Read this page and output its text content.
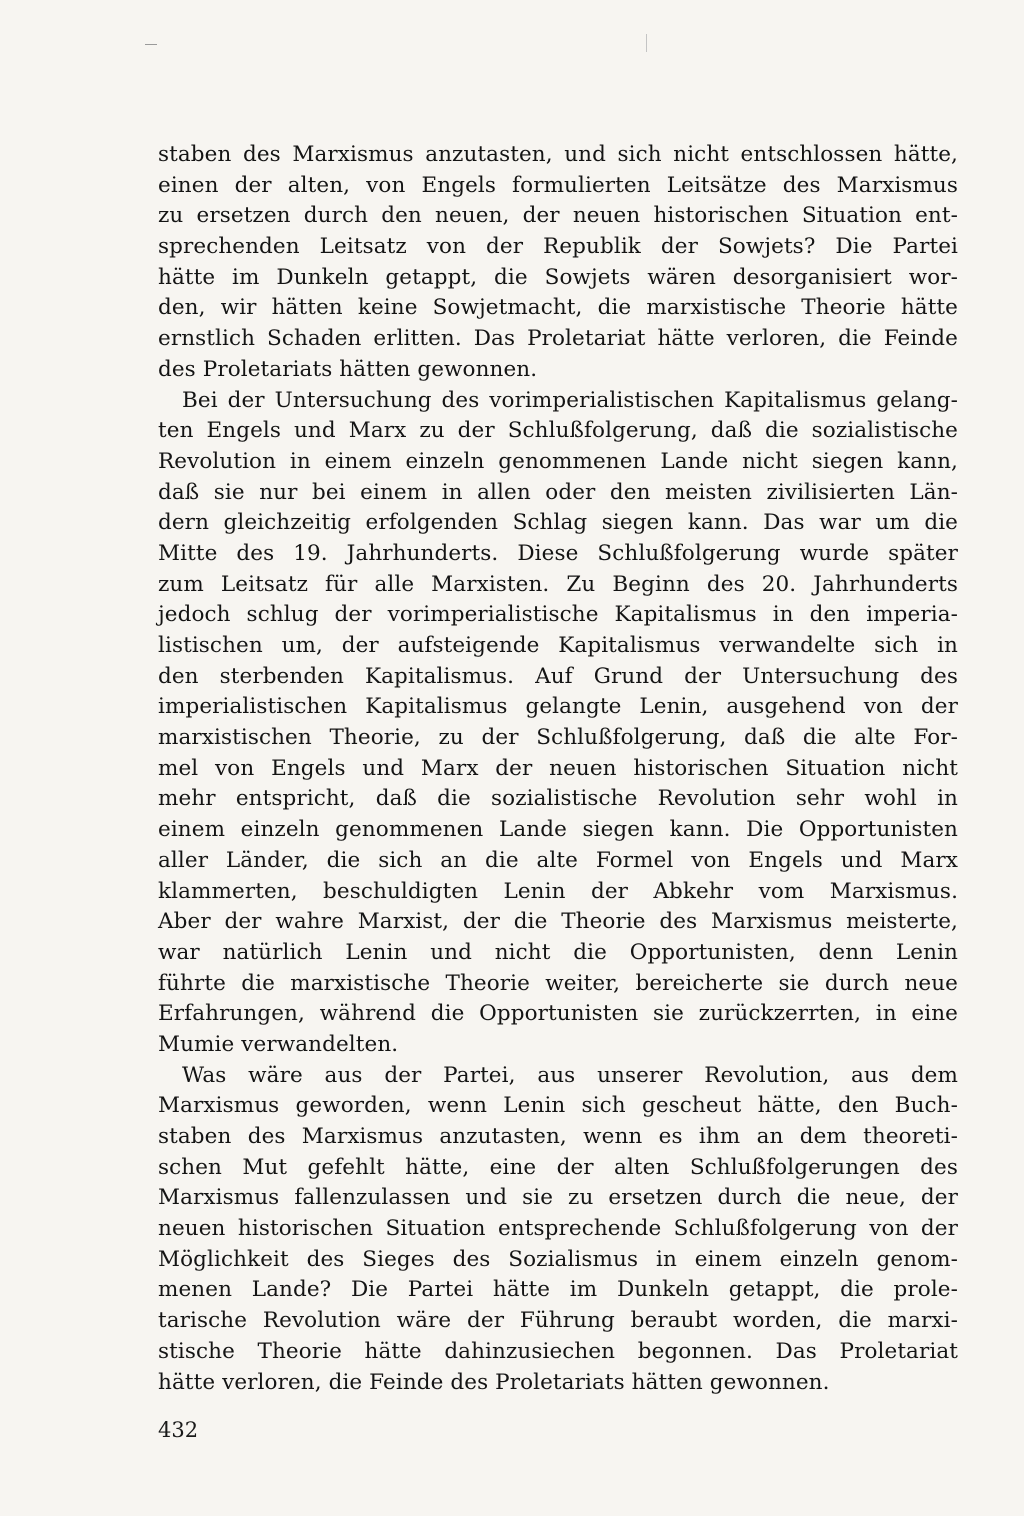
staben des Marxismus anzutasten, und sich nicht entschlossen hätte,
einen der alten, von Engels formulierten Leitsätze des Marxismus
zu ersetzen durch den neuen, der neuen historischen Situation ent-
sprechenden Leitsatz von der Republik der Sowjets? Die Partei
hätte im Dunkeln getappt, die Sowjets wären desorganisiert wor-
den, wir hätten keine Sowjetmacht, die marxistische Theorie hätte
ernstlich Schaden erlitten. Das Proletariat hätte verloren, die Feinde
des Proletariats hätten gewonnen.
Bei der Untersuchung des vorimperialistischen Kapitalismus gelang-
ten Engels und Marx zu der Schlußfolgerung, daß die sozialistische
Revolution in einem einzeln genommenen Lande nicht siegen kann,
daß sie nur bei einem in allen oder den meisten zivilisierten Län-
dern gleichzeitig erfolgenden Schlag siegen kann. Das war um die
Mitte des 19. Jahrhunderts. Diese Schlußfolgerung wurde später
zum Leitsatz für alle Marxisten. Zu Beginn des 20. Jahrhunderts
jedoch schlug der vorimperialistische Kapitalismus in den imperia-
listischen um, der aufsteigende Kapitalismus verwandelte sich in
den sterbenden Kapitalismus. Auf Grund der Untersuchung des
imperialistischen Kapitalismus gelangte Lenin, ausgehend von der
marxistischen Theorie, zu der Schlußfolgerung, daß die alte For-
mel von Engels und Marx der neuen historischen Situation nicht
mehr entspricht, daß die sozialistische Revolution sehr wohl in
einem einzeln genommenen Lande siegen kann. Die Opportunisten
aller Länder, die sich an die alte Formel von Engels und Marx
klammerten, beschuldigten Lenin der Abkehr vom Marxismus.
Aber der wahre Marxist, der die Theorie des Marxismus meisterte,
war natürlich Lenin und nicht die Opportunisten, denn Lenin
führte die marxistische Theorie weiter, bereicherte sie durch neue
Erfahrungen, während die Opportunisten sie zurückzerrten, in eine
Mumie verwandelten.
Was wäre aus der Partei, aus unserer Revolution, aus dem
Marxismus geworden, wenn Lenin sich gescheut hätte, den Buch-
staben des Marxismus anzutasten, wenn es ihm an dem theoreti-
schen Mut gefehlt hätte, eine der alten Schlußfolgerungen des
Marxismus fallenzulassen und sie zu ersetzen durch die neue, der
neuen historischen Situation entsprechende Schlußfolgerung von der
Möglichkeit des Sieges des Sozialismus in einem einzeln genom-
menen Lande? Die Partei hätte im Dunkeln getappt, die prole-
tarische Revolution wäre der Führung beraubt worden, die marxi-
stische Theorie hätte dahinzusiechen begonnen. Das Proletariat
hätte verloren, die Feinde des Proletariats hätten gewonnen.
432
